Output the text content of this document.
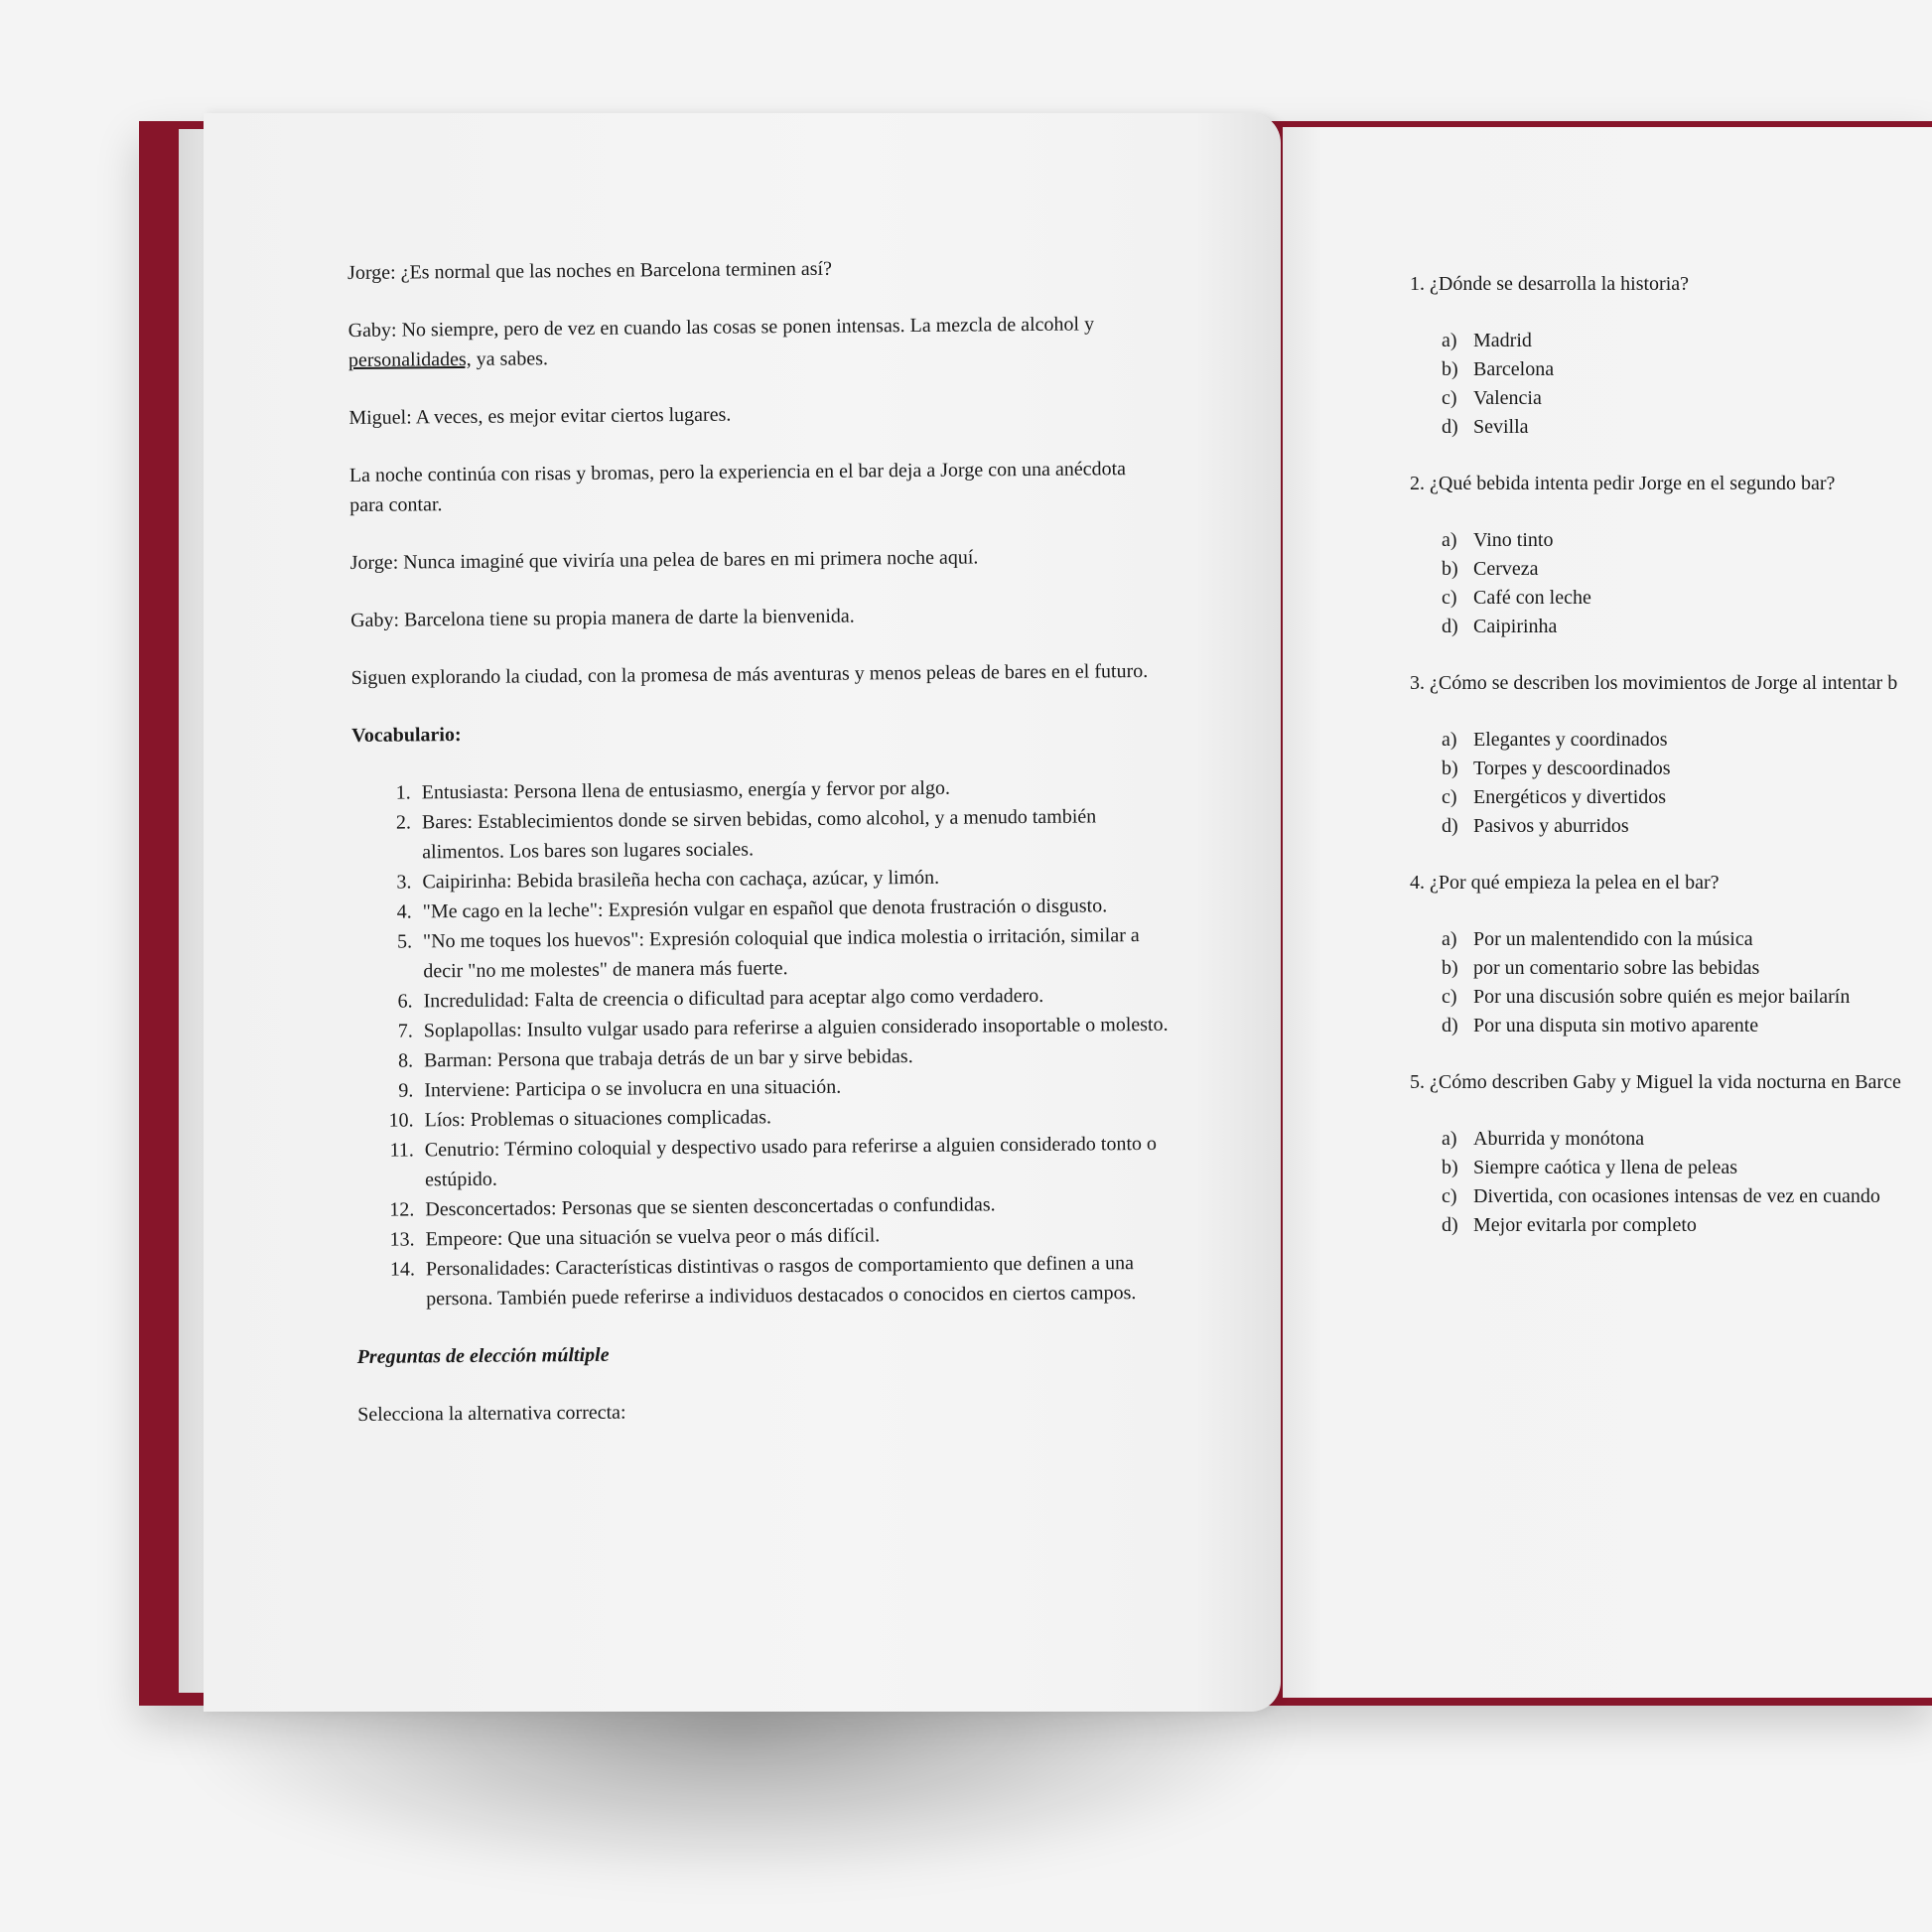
Jorge: ¿Es normal que las noches en Barcelona terminen así?

Gaby: No siempre, pero de vez en cuando las cosas se ponen intensas. La mezcla de alcohol y personalidades, ya sabes.

Miguel: A veces, es mejor evitar ciertos lugares.

La noche continúa con risas y bromas, pero la experiencia en el bar deja a Jorge con una anécdota para contar.

Jorge: Nunca imaginé que viviría una pelea de bares en mi primera noche aquí.

Gaby: Barcelona tiene su propia manera de darte la bienvenida.

Siguen explorando la ciudad, con la promesa de más aventuras y menos peleas de bares en el futuro.

Vocabulario:
1. Entusiasta: Persona llena de entusiasmo, energía y fervor por algo.
2. Bares: Establecimientos donde se sirven bebidas, como alcohol, y a menudo también alimentos. Los bares son lugares sociales.
3. Caipirinha: Bebida brasileña hecha con cachaça, azúcar, y limón.
4. "Me cago en la leche": Expresión vulgar en español que denota frustración o disgusto.
5. "No me toques los huevos": Expresión coloquial que indica molestia o irritación, similar a decir "no me molestes" de manera más fuerte.
6. Incredulidad: Falta de creencia o dificultad para aceptar algo como verdadero.
7. Soplapollas: Insulto vulgar usado para referirse a alguien considerado insoportable o molesto.
8. Barman: Persona que trabaja detrás de un bar y sirve bebidas.
9. Interviene: Participa o se involucra en una situación.
10. Líos: Problemas o situaciones complicadas.
11. Cenutrio: Término coloquial y despectivo usado para referirse a alguien considerado tonto o estúpido.
12. Desconcertados: Personas que se sienten desconcertadas o confundidas.
13. Empeore: Que una situación se vuelva peor o más difícil.
14. Personalidades: Características distintivas o rasgos de comportamiento que definen a una persona. También puede referirse a individuos destacados o conocidos en ciertos campos.
Preguntas de elección múltiple

Selecciona la alternativa correcta:

1. ¿Dónde se desarrolla la historia?
a) Madrid
b) Barcelona
c) Valencia
d) Sevilla
2. ¿Qué bebida intenta pedir Jorge en el segundo bar?
a) Vino tinto
b) Cerveza
c) Café con leche
d) Caipirinha
3. ¿Cómo se describen los movimientos de Jorge al intentar b
a) Elegantes y coordinados
b) Torpes y descoordinados
c) Energéticos y divertidos
d) Pasivos y aburridos
4. ¿Por qué empieza la pelea en el bar?
a) Por un malentendido con la música
b) por un comentario sobre las bebidas
c) Por una discusión sobre quién es mejor bailarín
d) Por una disputa sin motivo aparente
5. ¿Cómo describen Gaby y Miguel la vida nocturna en Barce
a) Aburrida y monótona
b) Siempre caótica y llena de peleas
c) Divertida, con ocasiones intensas de vez en cuando
d) Mejor evitarla por completo
